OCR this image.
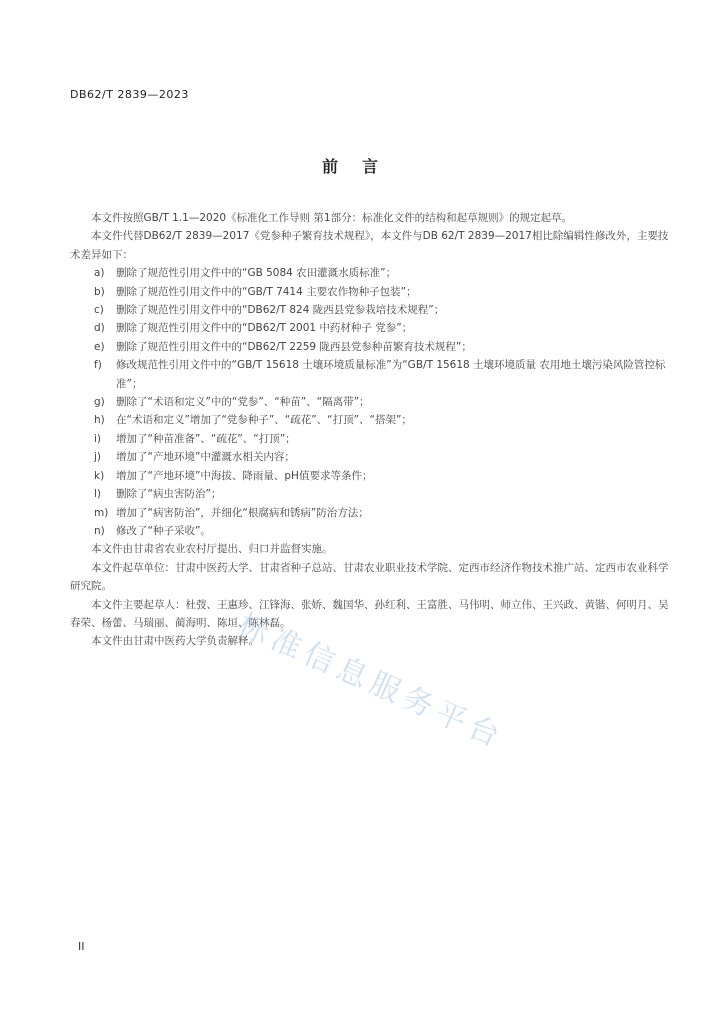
DB62/T 2839—2023
前言

本文件按照GB/T 1.1—2020《标准化工作导则 第1部分：标准化文件的结构和起草规则》的规定起草。

本文件代替DB62/T 2839—2017《党参种子繁育技术规程》，本文件与DB 62/T 2839—2017相比除编辑性修改外，主要技术差异如下：

a) 删除了规范性引用文件中的“GB 5084 农田灌溉水质标准”；

b) 删除了规范性引用文件中的“GB/T 7414 主要农作物种子包装”；

c) 删除了规范性引用文件中的“DB62/T 824 陇西县党参栽培技术规程”；

d) 删除了规范性引用文件中的“DB62/T 2001 中药材种子 党参”；

e) 删除了规范性引用文件中的“DB62/T 2259 陇西县党参种苗繁育技术规程”；

f) 修改规范性引用文件中的“GB/T 15618 土壤环境质量标准”为“GB/T 15618 土壤环境质量 农用地土壤污染风险管控标准”；

g) 删除了“术语和定义”中的“党参”、“种苗”、“隔离带”；

h) 在“术语和定义”增加了“党参种子”、“疏花”、“打顶”、“搭架”；

i) 增加了“种苗准备”、“疏花”、“打顶”；

j) 增加了“产地环境”中灌溉水相关内容；

k) 增加了“产地环境”中海拔、降雨量、pH值要求等条件；

l) 删除了“病虫害防治”；

m) 增加了“病害防治”，并细化“根腐病和锈病”防治方法；

n) 修改了“种子采收”。

本文件由甘肃省农业农村厅提出、归口并监督实施。

本文件起草单位：甘肃中医药大学、甘肃省种子总站、甘肃农业职业技术学院、定西市经济作物技术推广站、定西市农业科学研究院。

本文件主要起草人：杜弢、王惠珍、江锋海、张娇、魏国华、孙红利、王富胜、马伟明、师立伟、王兴政、黄锴、何明月、吴春荣、杨蕾、马瑞丽、蔺海明、陈垣、陈林磊。

本文件由甘肃中医药大学负责解释。

标准信息服务平台
II
